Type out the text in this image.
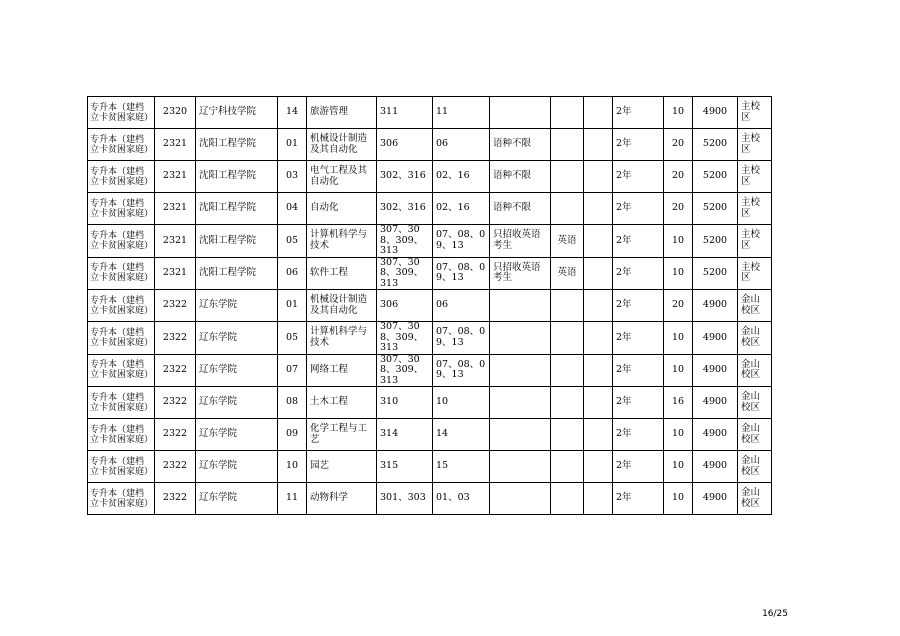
专升本（建档立卡贫困家庭）	2320	辽宁科技学院	14	旅游管理	311	11				2年	10	4900	主校区
专升本（建档立卡贫困家庭）	2321	沈阳工程学院	01	机械设计制造及其自动化	306	06	语种不限			2年	20	5200	主校区
专升本（建档立卡贫困家庭）	2321	沈阳工程学院	03	电气工程及其自动化	302、316	02、16	语种不限			2年	20	5200	主校区
专升本（建档立卡贫困家庭）	2321	沈阳工程学院	04	自动化	302、316	02、16	语种不限			2年	20	5200	主校区
专升本（建档立卡贫困家庭）	2321	沈阳工程学院	05	计算机科学与技术	307、308、309、313	07、08、09、13	只招收英语考生	英语		2年	10	5200	主校区
专升本（建档立卡贫困家庭）	2321	沈阳工程学院	06	软件工程	307、308、309、313	07、08、09、13	只招收英语考生	英语		2年	10	5200	主校区
专升本（建档立卡贫困家庭）	2322	辽东学院	01	机械设计制造及其自动化	306	06				2年	20	4900	金山校区
专升本（建档立卡贫困家庭）	2322	辽东学院	05	计算机科学与技术	307、308、309、313	07、08、09、13				2年	10	4900	金山校区
专升本（建档立卡贫困家庭）	2322	辽东学院	07	网络工程	307、308、309、313	07、08、09、13				2年	10	4900	金山校区
专升本（建档立卡贫困家庭）	2322	辽东学院	08	土木工程	310	10				2年	16	4900	金山校区
专升本（建档立卡贫困家庭）	2322	辽东学院	09	化学工程与工艺	314	14				2年	10	4900	金山校区
专升本（建档立卡贫困家庭）	2322	辽东学院	10	园艺	315	15				2年	10	4900	金山校区
专升本（建档立卡贫困家庭）	2322	辽东学院	11	动物科学	301、303	01、03				2年	10	4900	金山校区
16/25
